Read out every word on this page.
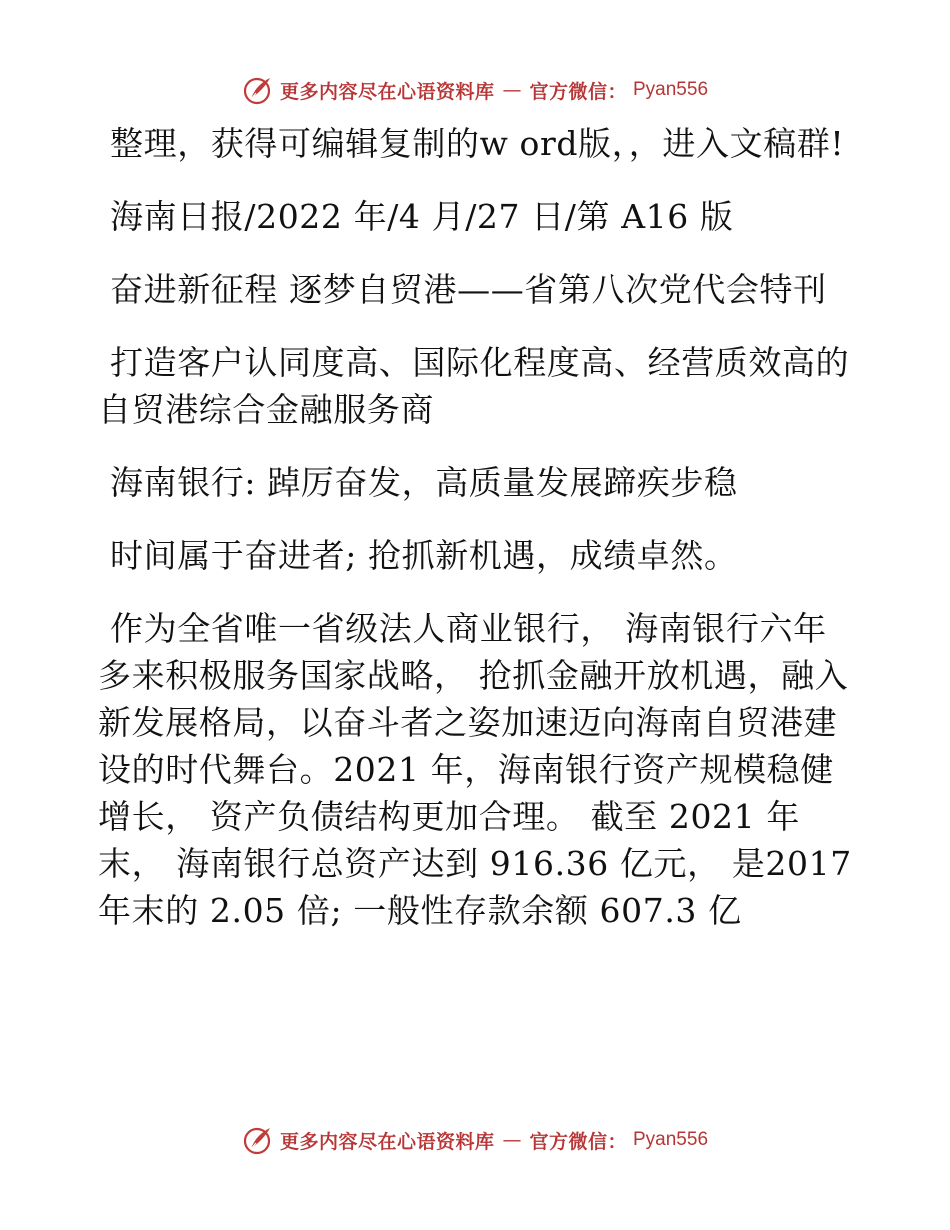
更多内容尽在心语资料库 — 官方微信： Pyan556

整理，获得可编辑复制的w ord版，，进入文稿群!

海南日报/2022 年/4 月/27 日/第 A16 版

奋进新征程 逐梦自贸港——省第八次党代会特刊

打造客户认同度高、国际化程度高、经营质效高的自贸港综合金融服务商

海南银行: 踔厉奋发，高质量发展蹄疾步稳

时间属于奋进者; 抢抓新机遇，成绩卓然。

作为全省唯一省级法人商业银行， 海南银行六年多来积极服务国家战略， 抢抓金融开放机遇，融入新发展格局，以奋斗者之姿加速迈向海南自贸港建设的时代舞台。2021 年，海南银行资产规模稳健增长， 资产负债结构更加合理。 截至 2021 年末， 海南银行总资产达到 916.36 亿元， 是2017年末的 2.05 倍; 一般性存款余额 607.3 亿

更多内容尽在心语资料库 — 官方微信： Pyan556
